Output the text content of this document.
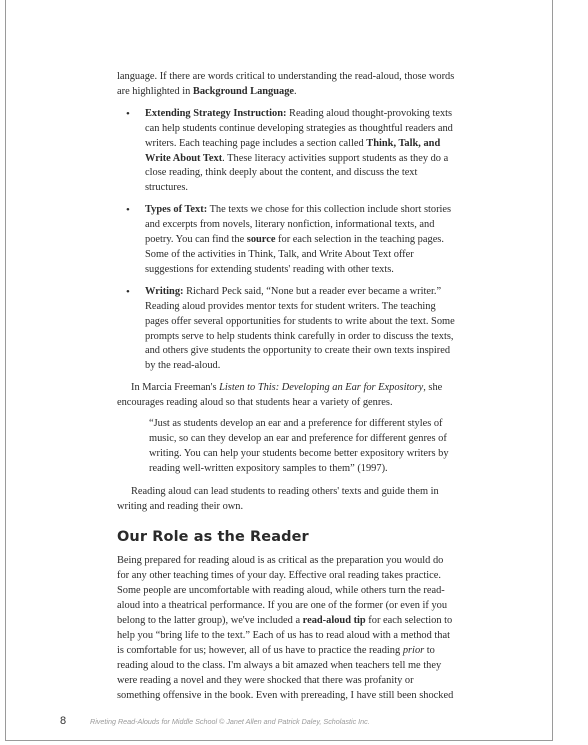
language. If there are words critical to understanding the read-aloud, those words are highlighted in Background Language.

• Extending Strategy Instruction: Reading aloud thought-provoking texts can help students continue developing strategies as thoughtful readers and writers. Each teaching page includes a section called Think, Talk, and Write About Text. These literacy activities support students as they do a close reading, think deeply about the content, and discuss the text structures.
• Types of Text: The texts we chose for this collection include short stories and excerpts from novels, literary nonfiction, informational texts, and poetry. You can find the source for each selection in the teaching pages. Some of the activities in Think, Talk, and Write About Text offer suggestions for extending students' reading with other texts.
• Writing: Richard Peck said, “None but a reader ever became a writer.” Reading aloud provides mentor texts for student writers. The teaching pages offer several opportunities for students to write about the text. Some prompts serve to help students think carefully in order to discuss the texts, and others give students the opportunity to create their own texts inspired by the read-aloud.

In Marcia Freeman's Listen to This: Developing an Ear for Expository, she encourages reading aloud so that students hear a variety of genres.

“Just as students develop an ear and a preference for different styles of music, so can they develop an ear and preference for different genres of writing. You can help your students become better expository writers by reading well-written expository samples to them” (1997).

Reading aloud can lead students to reading others' texts and guide them in writing and reading their own.

Our Role as the Reader

Being prepared for reading aloud is as critical as the preparation you would do for any other teaching times of your day. Effective oral reading takes practice. Some people are uncomfortable with reading aloud, while others turn the read-aloud into a theatrical performance. If you are one of the former (or even if you belong to the latter group), we've included a read-aloud tip for each selection to help you “bring life to the text.” Each of us has to read aloud with a method that is comfortable for us; however, all of us have to practice the reading prior to reading aloud to the class. I'm always a bit amazed when teachers tell me they were reading a novel and they were shocked that there was profanity or something offensive in the book. Even with prereading, I have still been shocked

8	Riveting Read-Alouds for Middle School © Janet Allen and Patrick Daley, Scholastic Inc.
